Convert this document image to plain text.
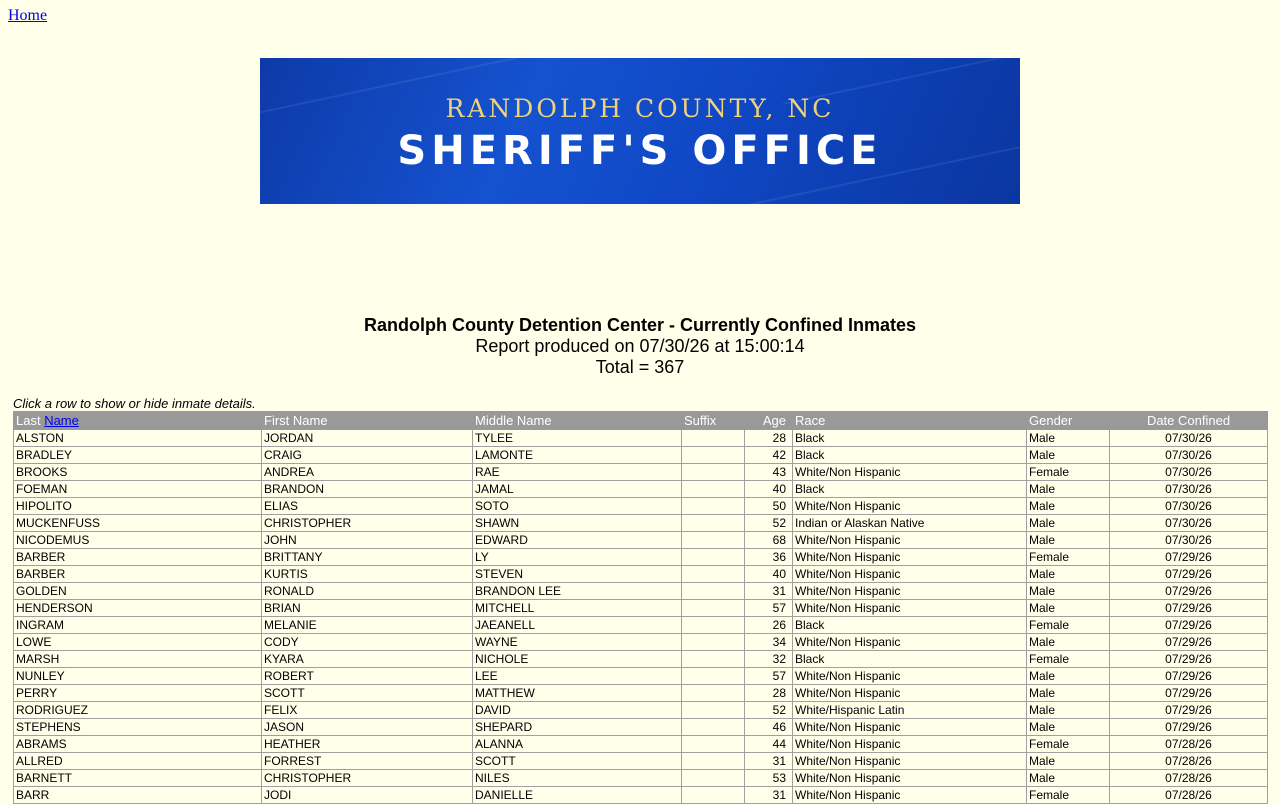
Home
RANDOLPH COUNTY, NC
SHERIFF'S OFFICE
Randolph County Detention Center - Currently Confined Inmates
Report produced on 07/30/26 at 15:00:14
Total = 367
Click a row to show or hide inmate details.
Last Name	First Name	Middle Name	Suffix	Age	Race	Gender	Date Confined
ALSTON	JORDAN	TYLEE		28	Black	Male	07/30/26
BRADLEY	CRAIG	LAMONTE		42	Black	Male	07/30/26
BROOKS	ANDREA	RAE		43	White/Non Hispanic	Female	07/30/26
FOEMAN	BRANDON	JAMAL		40	Black	Male	07/30/26
HIPOLITO	ELIAS	SOTO		50	White/Non Hispanic	Male	07/30/26
MUCKENFUSS	CHRISTOPHER	SHAWN		52	Indian or Alaskan Native	Male	07/30/26
NICODEMUS	JOHN	EDWARD		68	White/Non Hispanic	Male	07/30/26
BARBER	BRITTANY	LY		36	White/Non Hispanic	Female	07/29/26
BARBER	KURTIS	STEVEN		40	White/Non Hispanic	Male	07/29/26
GOLDEN	RONALD	BRANDON LEE		31	White/Non Hispanic	Male	07/29/26
HENDERSON	BRIAN	MITCHELL		57	White/Non Hispanic	Male	07/29/26
INGRAM	MELANIE	JAEANELL		26	Black	Female	07/29/26
LOWE	CODY	WAYNE		34	White/Non Hispanic	Male	07/29/26
MARSH	KYARA	NICHOLE		32	Black	Female	07/29/26
NUNLEY	ROBERT	LEE		57	White/Non Hispanic	Male	07/29/26
PERRY	SCOTT	MATTHEW		28	White/Non Hispanic	Male	07/29/26
RODRIGUEZ	FELIX	DAVID		52	White/Hispanic Latin	Male	07/29/26
STEPHENS	JASON	SHEPARD		46	White/Non Hispanic	Male	07/29/26
ABRAMS	HEATHER	ALANNA		44	White/Non Hispanic	Female	07/28/26
ALLRED	FORREST	SCOTT		31	White/Non Hispanic	Male	07/28/26
BARNETT	CHRISTOPHER	NILES		53	White/Non Hispanic	Male	07/28/26
BARR	JODI	DANIELLE		31	White/Non Hispanic	Female	07/28/26
